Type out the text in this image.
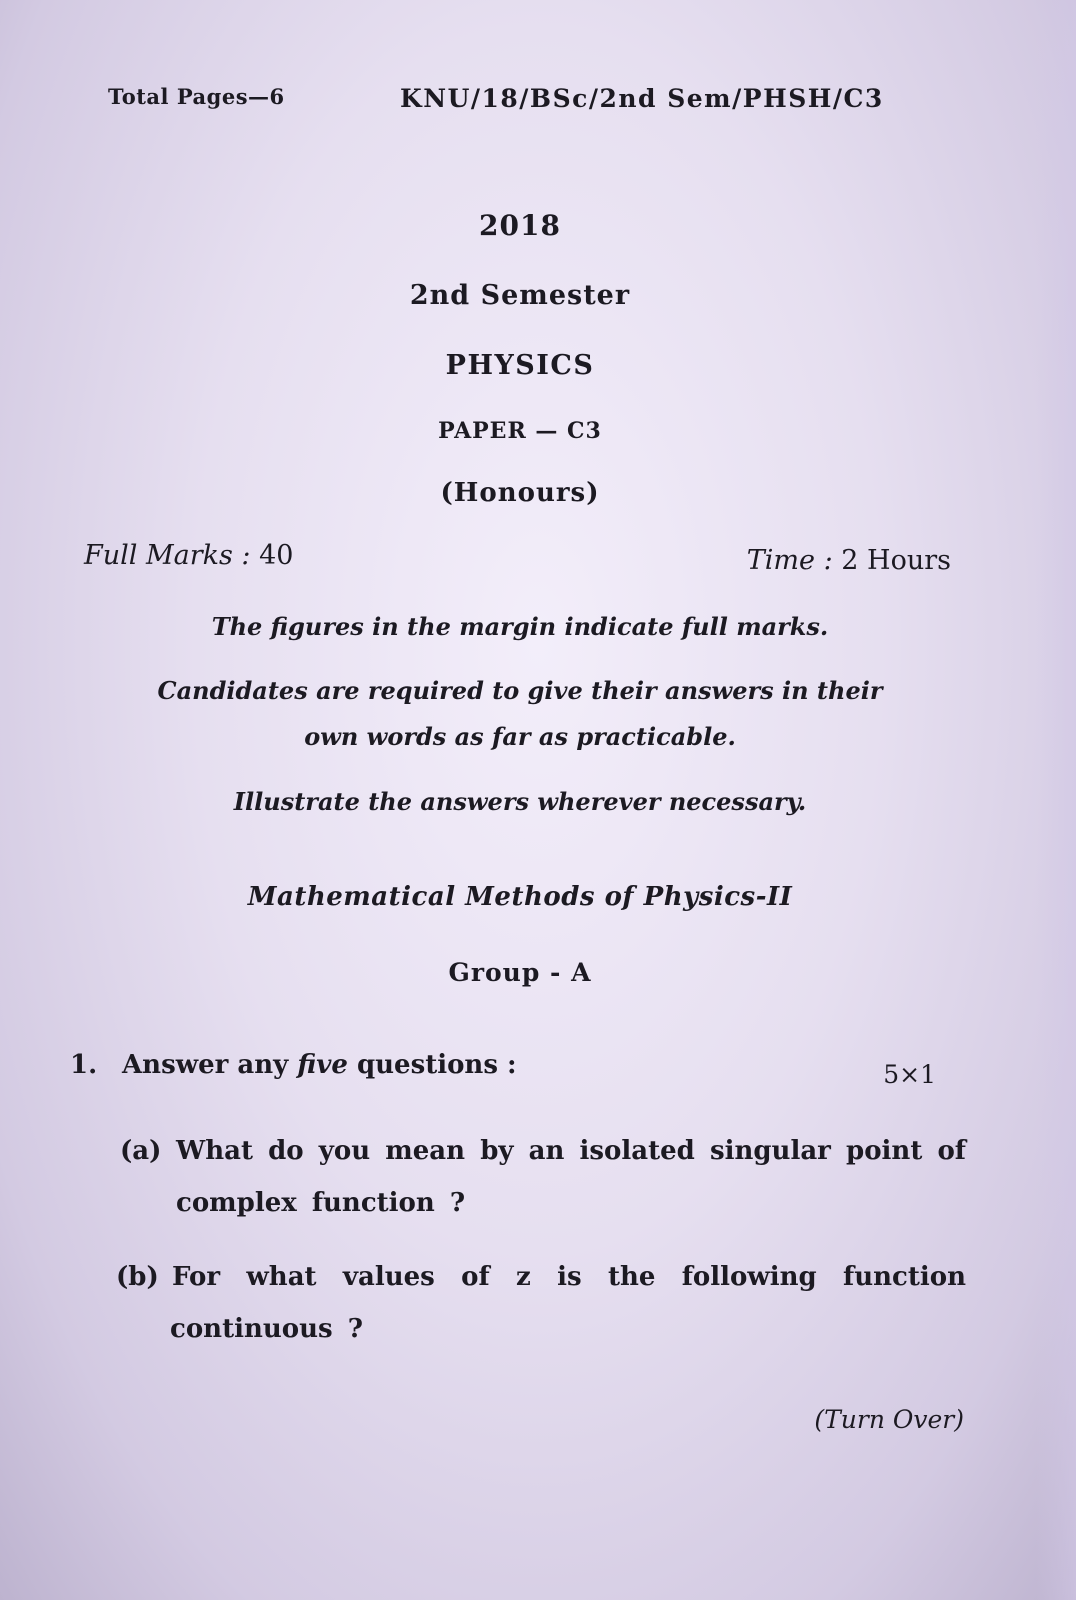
Total Pages—6	KNU/18/BSc/2nd Sem/PHSH/C3
2018
2nd Semester
PHYSICS
PAPER — C3
(Honours)
Full Marks : 40	Time : 2 Hours
The figures in the margin indicate full marks.
Candidates are required to give their answers in their
own words as far as practicable.
Illustrate the answers wherever necessary.
Mathematical Methods of Physics-II
Group - A
1. Answer any five questions :	5×1
(a) What do you mean by an isolated singular point of
complex function ?
(b) For what values of z is the following function
continuous ?
(Turn Over)
